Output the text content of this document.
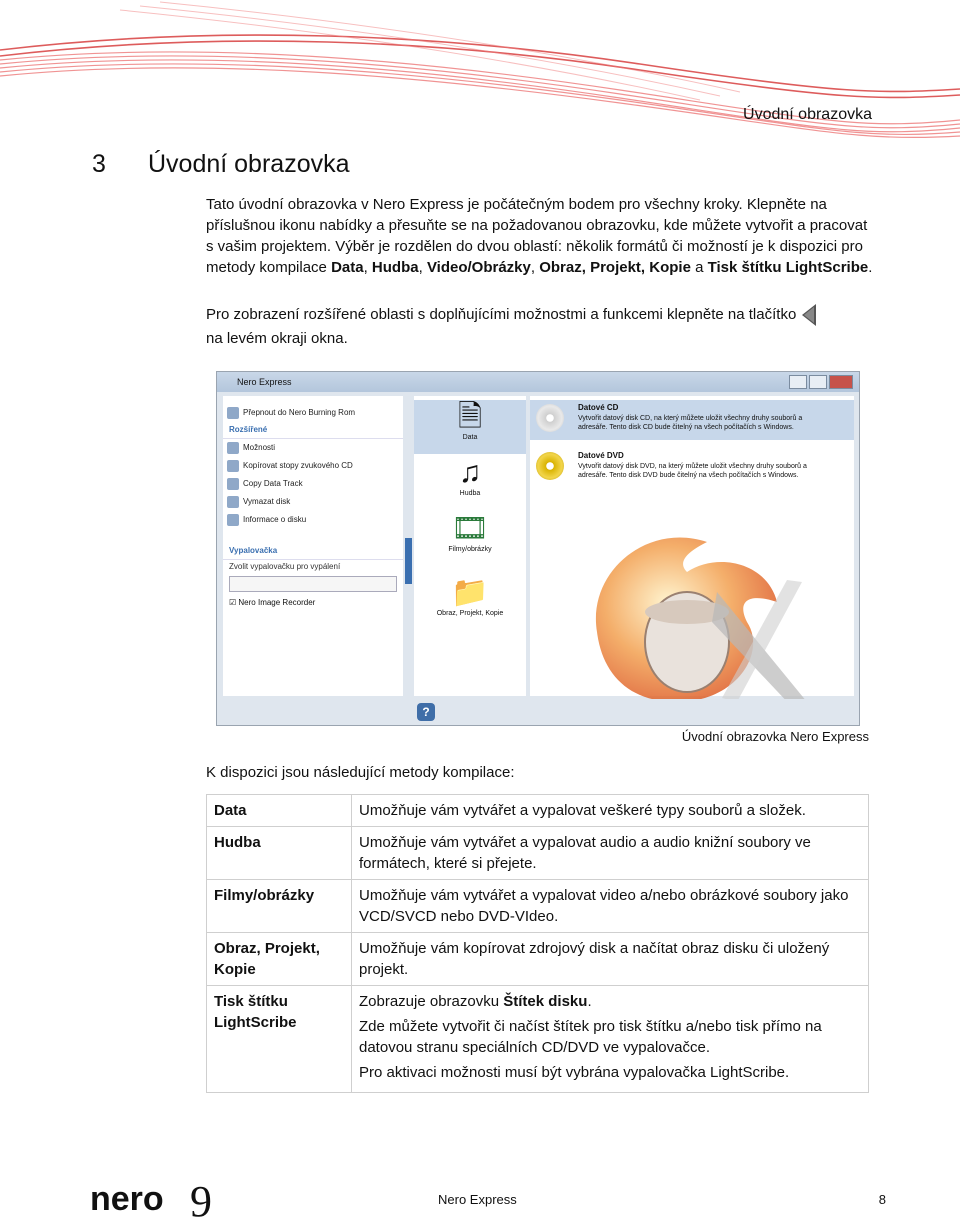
Úvodní obrazovka
3 Úvodní obrazovka
Tato úvodní obrazovka v Nero Express je počátečným bodem pro všechny kroky. Klepněte na příslušnou ikonu nabídky a přesuňte se na požadovanou obrazovku, kde můžete vytvořit a pracovat s vašim projektem. Výběr je rozdělen do dvou oblastí: několik formátů či možností je k dispozici pro metody kompilace Data, Hudba, Video/Obrázky, Obraz, Projekt, Kopie a Tisk štítku LightScribe.
Pro zobrazení rozšířené oblasti s doplňujícími možnostmi a funkcemi klepněte na tlačítko
na levém okraji okna.
Nero Express
Přepnout do Nero Burning Rom
Rozšířené
Možnosti
Kopírovat stopy zvukového CD
Copy Data Track
Vymazat disk
Informace o disku
Vypalovačka
Zvolit vypalovačku pro vypálení
☑ Nero Image Recorder
🗎
Data
♫
Hudba
🎞
Filmy/obrázky
📁
Obraz, Projekt, Kopie
Datové CD
Vytvořit datový disk CD, na který můžete uložit všechny druhy souborů a adresáře. Tento disk CD bude čitelný na všech počítačích s Windows.
Datové DVD
Vytvořit datový disk DVD, na který můžete uložit všechny druhy souborů a adresáře. Tento disk DVD bude čitelný na všech počítačích s Windows.
?
Úvodní obrazovka Nero Express
K dispozici jsou následující metody kompilace:
Data	Umožňuje vám vytvářet a vypalovat veškeré typy souborů a složek.
Hudba	Umožňuje vám vytvářet a vypalovat audio a audio knižní soubory ve formátech, které si přejete.
Filmy/obrázky	Umožňuje vám vytvářet a vypalovat video a/nebo obrázkové soubory jako VCD/SVCD nebo DVD-VIdeo.
Obraz, Projekt, Kopie	Umožňuje vám kopírovat zdrojový disk a načítat obraz disku či uložený projekt.
Tisk štítku LightScribe	Zobrazuje obrazovku Štítek disku.

Zde můžete vytvořit či načíst štítek pro tisk štítku a/nebo tisk přímo na datovou stranu speciálních CD/DVD ve vypalovačce.

Pro aktivaci možnosti musí být vybrána vypalovačka LightScribe.

nero 9	Nero Express	8
